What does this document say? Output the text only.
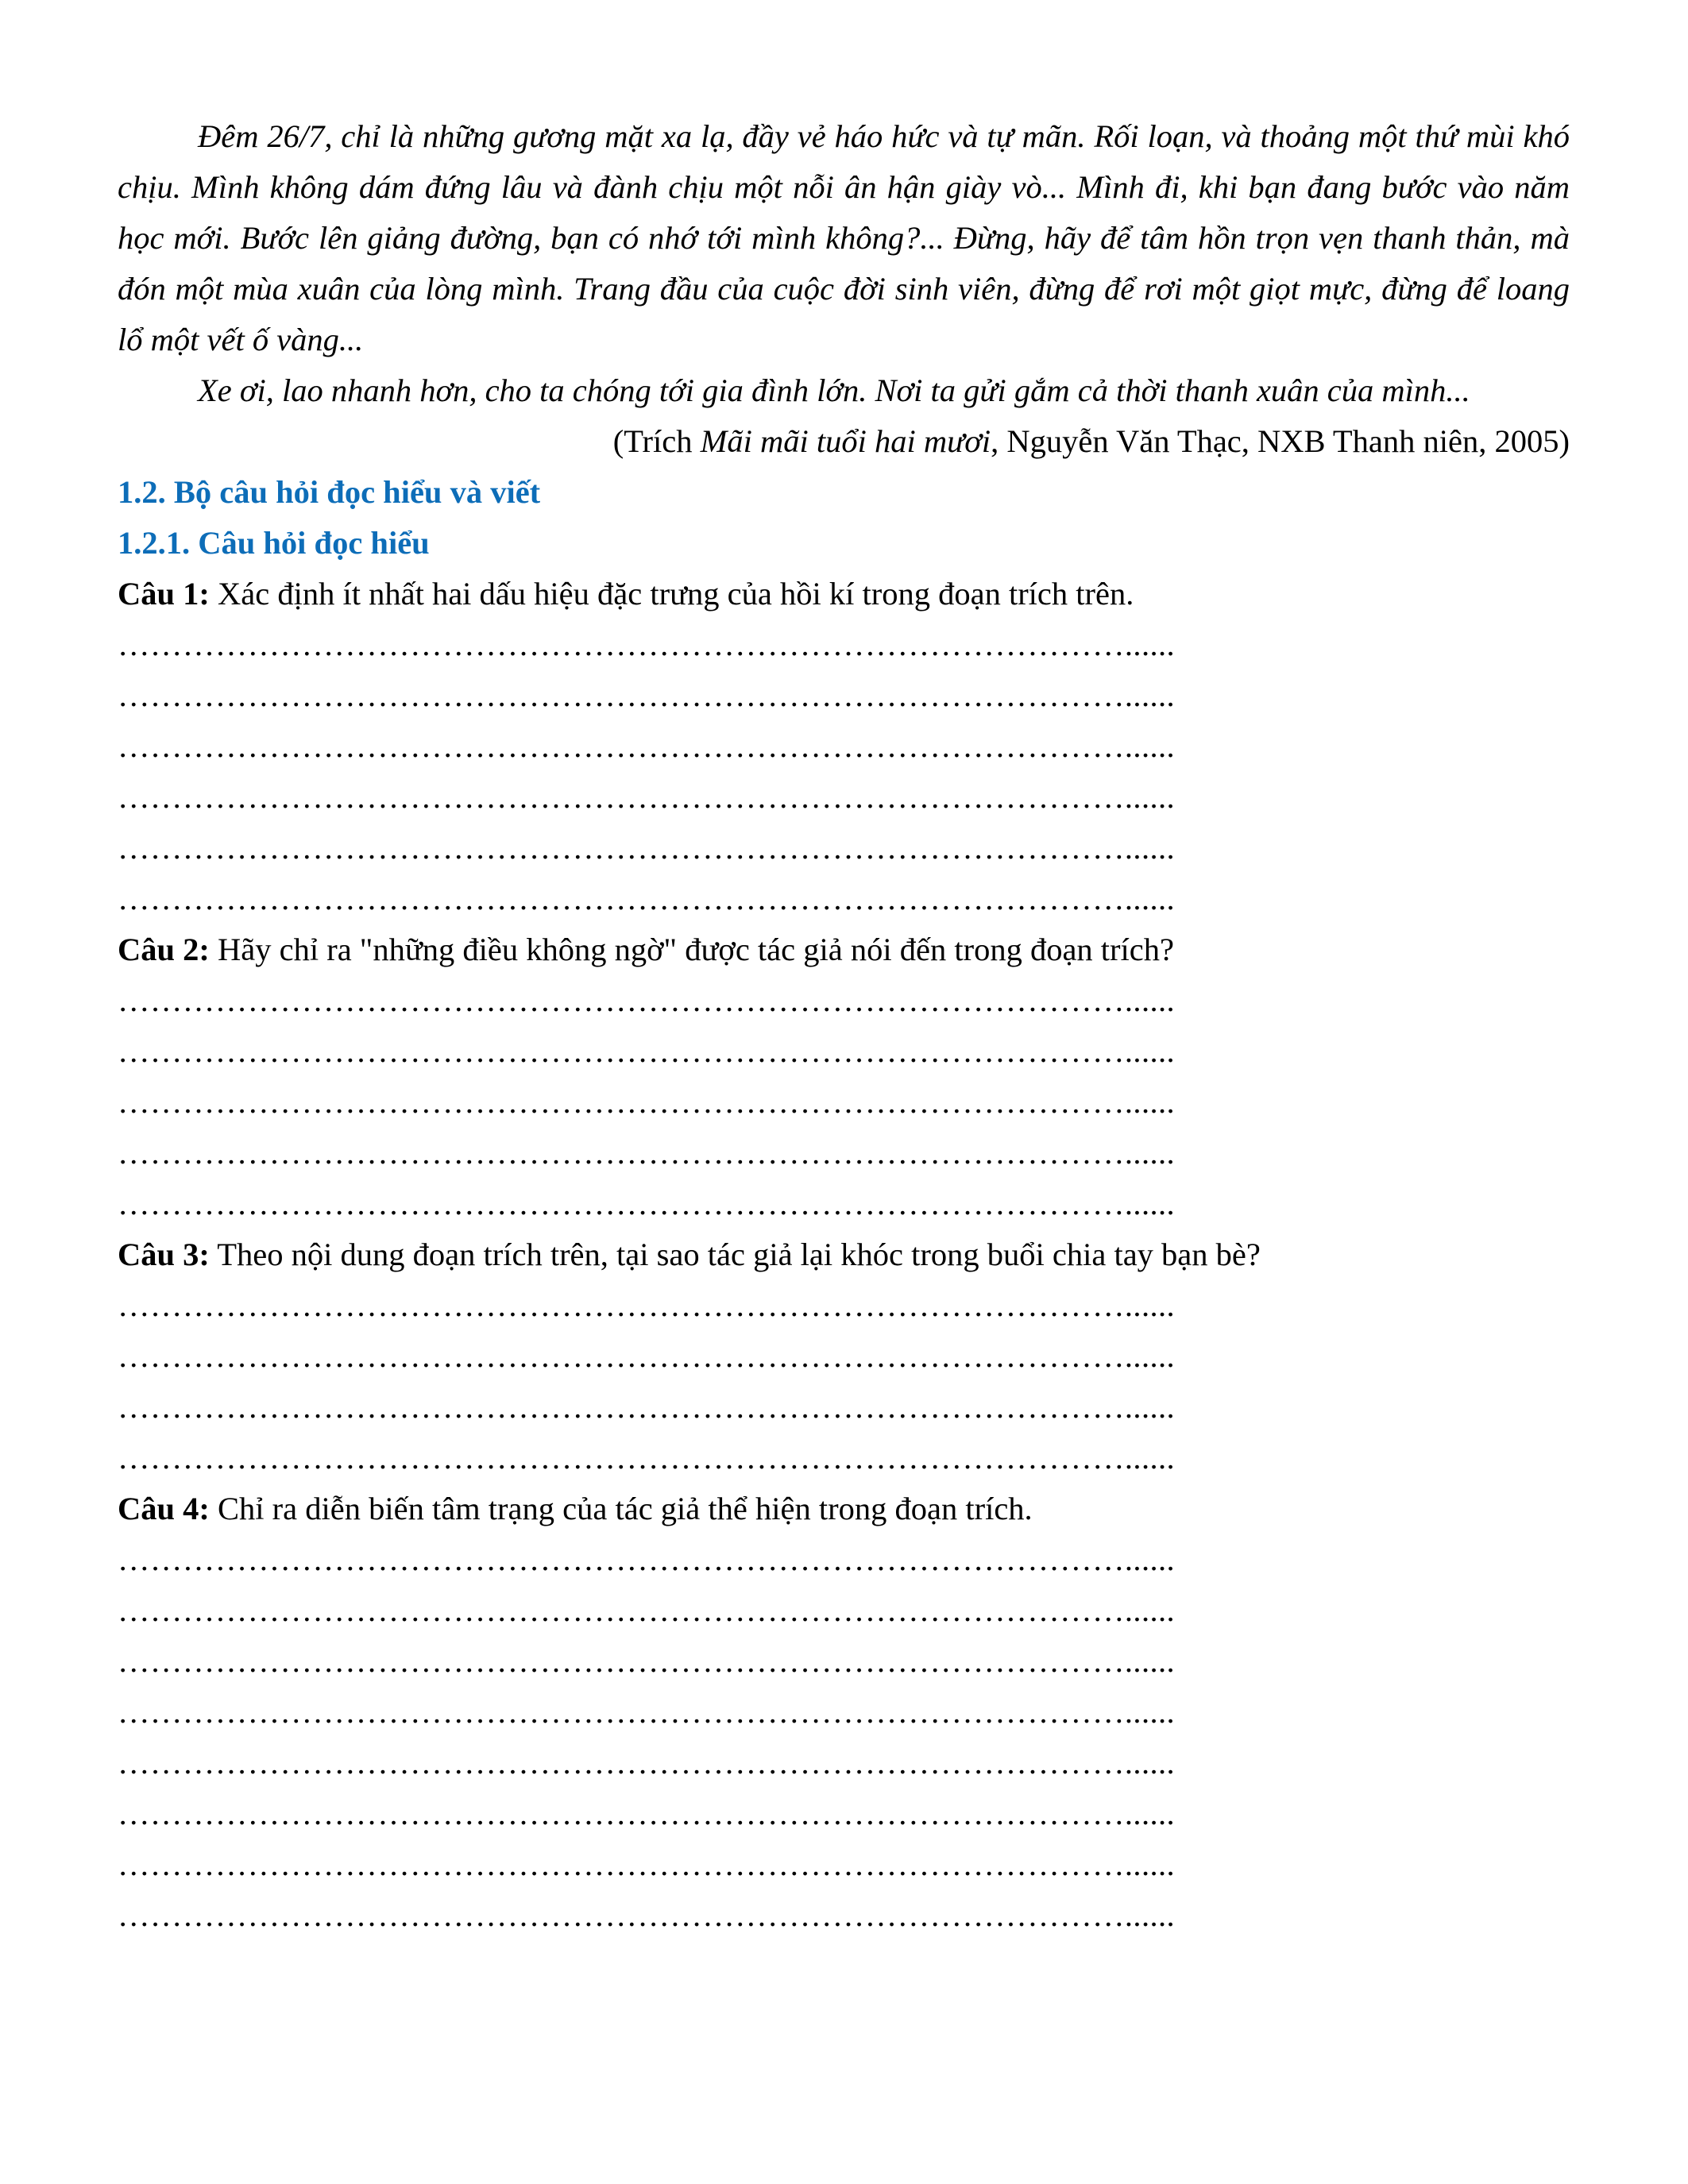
Đêm 26/7, chỉ là những gương mặt xa lạ, đầy vẻ háo hức và tự mãn. Rối loạn, và thoảng một thứ mùi khó chịu. Mình không dám đứng lâu và đành chịu một nỗi ân hận giày vò... Mình đi, khi bạn đang bước vào năm học mới. Bước lên giảng đường, bạn có nhớ tới mình không?... Đừng, hãy để tâm hồn trọn vẹn thanh thản, mà đón một mùa xuân của lòng mình. Trang đầu của cuộc đời sinh viên, đừng để rơi một giọt mực, đừng để loang lổ một vết ố vàng...

Xe ơi, lao nhanh hơn, cho ta chóng tới gia đình lớn. Nơi ta gửi gắm cả thời thanh xuân của mình...

(Trích Mãi mãi tuổi hai mươi, Nguyễn Văn Thạc, NXB Thanh niên, 2005)

1.2. Bộ câu hỏi đọc hiểu và viết

1.2.1. Câu hỏi đọc hiểu

Câu 1: Xác định ít nhất hai dấu hiệu đặc trưng của hồi kí trong đoạn trích trên.

…………………………………………………………………………………......

…………………………………………………………………………………......

…………………………………………………………………………………......

…………………………………………………………………………………......

…………………………………………………………………………………......

…………………………………………………………………………………......

Câu 2: Hãy chỉ ra "những điều không ngờ" được tác giả nói đến trong đoạn trích?

…………………………………………………………………………………......

…………………………………………………………………………………......

…………………………………………………………………………………......

…………………………………………………………………………………......

…………………………………………………………………………………......

Câu 3: Theo nội dung đoạn trích trên, tại sao tác giả lại khóc trong buổi chia tay bạn bè?

…………………………………………………………………………………......

…………………………………………………………………………………......

…………………………………………………………………………………......

…………………………………………………………………………………......

Câu 4: Chỉ ra diễn biến tâm trạng của tác giả thể hiện trong đoạn trích.

…………………………………………………………………………………......

…………………………………………………………………………………......

…………………………………………………………………………………......

…………………………………………………………………………………......

…………………………………………………………………………………......

…………………………………………………………………………………......

…………………………………………………………………………………......

…………………………………………………………………………………......
